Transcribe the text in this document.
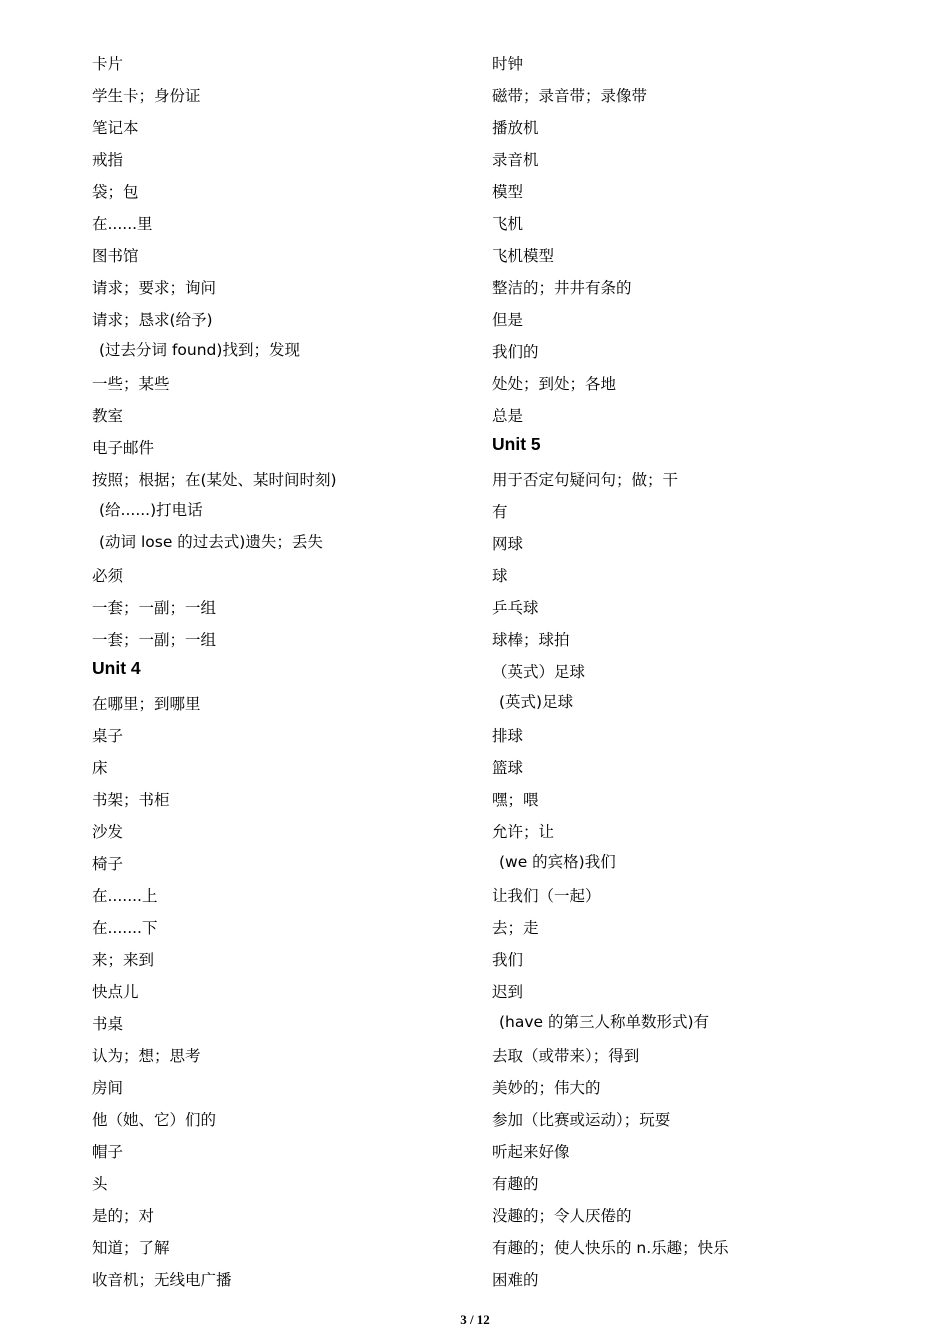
卡片
学生卡；身份证
笔记本
戒指
袋；包
在......里
图书馆
请求；要求；询问
请求；恳求(给予)
(过去分词 found)找到；发现
一些；某些
教室
电子邮件
按照；根据；在(某处、某时间时刻)
(给......)打电话
(动词 lose 的过去式)遗失；丢失
必须
一套；一副；一组
一套；一副；一组
Unit 4
在哪里；到哪里
桌子
床
书架；书柜
沙发
椅子
在.......上
在.......下
来；来到
快点儿
书桌
认为；想；思考
房间
他（她、它）们的
帽子
头
是的；对
知道；了解
收音机；无线电广播
时钟
磁带；录音带；录像带
播放机
录音机
模型
飞机
飞机模型
整洁的；井井有条的
但是
我们的
处处；到处；各地
总是
Unit 5
用于否定句疑问句；做；干
有
网球
球
乒乓球
球棒；球拍
（英式）足球
(英式)足球
排球
篮球
嘿；喂
允许；让
(we 的宾格)我们
让我们（一起）
去；走
我们
迟到
(have 的第三人称单数形式)有
去取（或带来）；得到
美妙的；伟大的
参加（比赛或运动）；玩耍
听起来好像
有趣的
没趣的；令人厌倦的
有趣的；使人快乐的 n.乐趣；快乐
困难的
3 / 12
